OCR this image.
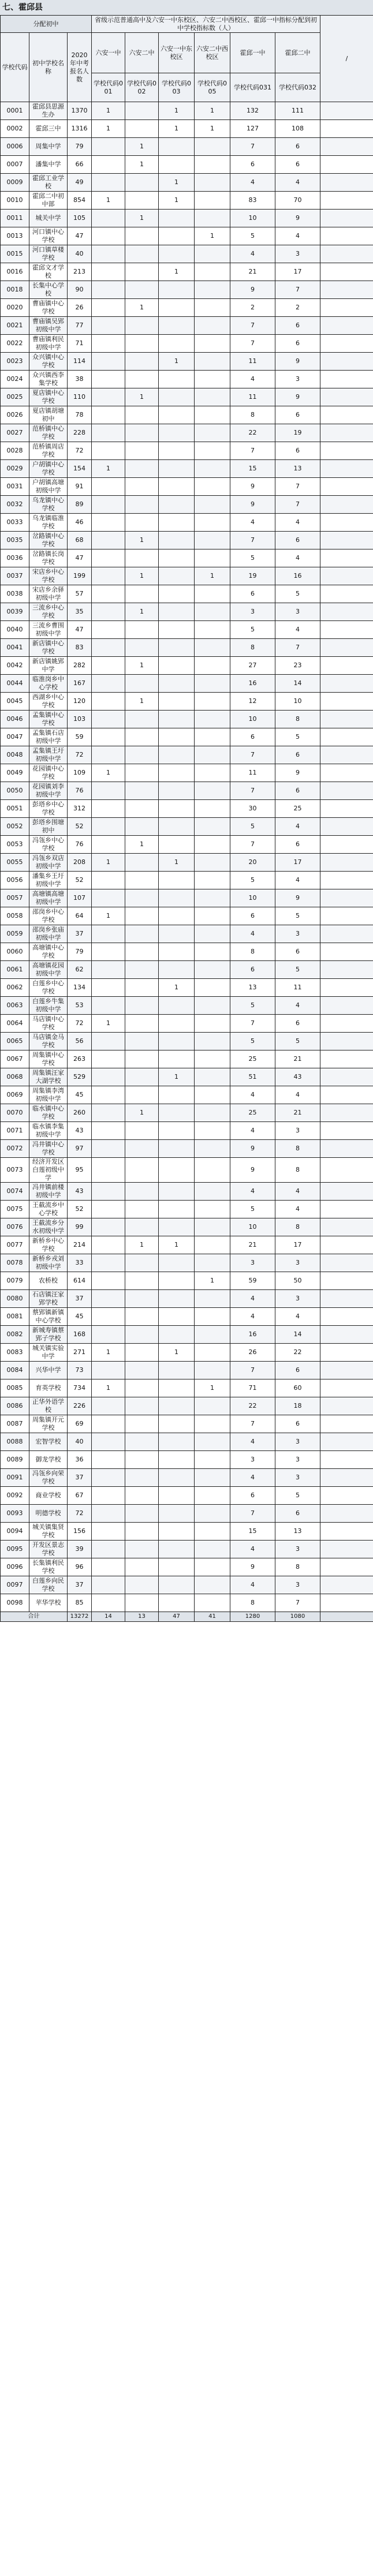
七、霍邱县
分配初中			省级示范普通高中及六安一中东校区、六安二中西校区、霍邱一中指标分配到初中学校指标数（人）						/
学校代码	初中学校名称	2020年中考报名人数	六安一中	六安二中	六安一中东校区	六安二中西校区	霍邱一中	霍邱二中	
			学校代码001	学校代码002	学校代码003	学校代码005	学校代码031	学校代码032	
0001	霍邱县思源生办	1370	1		1	1	132	111	
0002	霍邱三中	1316	1		1	1	127	108	
0006	周集中学	79		1			7	6	
0007	潘集中学	66		1			6	6	
0009	霍邱工业学校	49			1		4	4	
0010	霍邱二中初中部	854	1		1		83	70	
0011	城关中学	105		1			10	9	
0013	河口镇中心学校	47				1	5	4	
0015	河口镇草楼学校	40					4	3	
0016	霍邱文才学校	213			1		21	17	
0018	长集中心学校	90					9	7	
0020	曹庙镇中心学校	26		1			2	2	
0021	曹庙镇吴郢初级中学	77					7	6	
0022	曹庙镇利民初级中学	71					7	6	
0023	众兴镇中心学校	114			1		11	9	
0024	众兴镇西李集学校	38					4	3	
0025	夏店镇中心学校	110		1			11	9	
0026	夏店镇胡塘初中	78					8	6	
0027	范桥镇中心学校	228					22	19	
0028	范桥镇周店学校	72					7	6	
0029	户胡镇中心学校	154	1				15	13	
0031	户胡镇高塘初级中学	91					9	7	
0032	乌龙镇中心学校	89					9	7	
0033	乌龙镇临淮学校	46					4	4	
0035	岔路镇中心学校	68		1			7	6	
0036	岔路镇长岗学校	47					5	4	
0037	宋店乡中心学校	199		1		1	19	16	
0038	宋店乡余驿初级中学	57					6	5	
0039	三流乡中心学校	35		1			3	3	
0040	三流乡曹围初级中学	47					5	4	
0041	新店镇中心学校	83					8	7	
0042	新店镇姚郢中学	282		1			27	23	
0044	临淮岗乡中心学校	167					16	14	
0045	西湖乡中心学校	120		1			12	10	
0046	孟集镇中心学校	103					10	8	
0047	孟集镇石店初级中学	59					6	5	
0048	孟集镇王圩初级中学	72					7	6	
0049	花园镇中心学校	109	1				11	9	
0050	花园镇刘李初级中学	76					7	6	
0051	彭塔乡中心学校	312					30	25	
0052	彭塔乡围塘初中	52					5	4	
0053	冯瓴乡中心学校	76		1			7	6	
0055	冯瓴乡双店初级中学	208	1		1		20	17	
0056	潘集乡王圩初级中学	52					5	4	
0057	高塘镇高塘初级中学	107					10	9	
0058	邵岗乡中心学校	64	1				6	5	
0059	邵岗乡张庙初级中学	37					4	3	
0060	高塘镇中心学校	79					8	6	
0061	高塘镇花园初级中学	62					6	5	
0062	白莲乡中心学校	134			1		13	11	
0063	白莲乡牛集初级中学	53					5	4	
0064	马店镇中心学校	72	1				7	6	
0065	马店镇金马学校	56					5	5	
0067	周集镇中心学校	263					25	21	
0068	周集镇汪家大湖学校	529			1		51	43	
0069	周集镇李湾初级中学	45					4	4	
0070	临水镇中心学校	260		1			25	21	
0071	临水镇李集初级中学	43					4	3	
0072	冯井镇中心学校	97					9	8	
0073	经济开发区白莲初级中学	95					9	8	
0074	冯井镇前楼初级中学	43					4	4	
0075	王截流乡中心学校	52					5	4	
0076	王截流乡分水初级中学	99					10	8	
0077	新桥乡中心学校	214		1	1		21	17	
0078	新桥乡戎刘初级中学	33					3	3	
0079	农桥校	614				1	59	50	
0080	石店镇汪家郢学校	37					4	3	
0081	蔡郢镇新镇中心学校	45					4	4	
0082	新城寿镇蔡郢子学校	168					16	14	
0083	城关镇实验中学	271	1		1		26	22	
0084	兴华中学	73					7	6	
0085	育英学校	734	1			1	71	60	
0086	正华外语学校	226					22	18	
0087	周集镇开元学校	69					7	6	
0088	宏智学校	40					4	3	
0089	御龙学校	36					3	3	
0091	冯瓴乡向荣学校	37					4	3	
0092	商业学校	67					6	5	
0093	明德学校	72					7	6	
0094	城关镇集贤学校	156					15	13	
0095	开发区景志学校	39					4	3	
0096	长集镇利民学校	96					9	8	
0097	白莲乡向民学校	37					4	3	
0098	苹华学校	85					8	7	
合计		13272	14	13	47	41	1280	1080	
